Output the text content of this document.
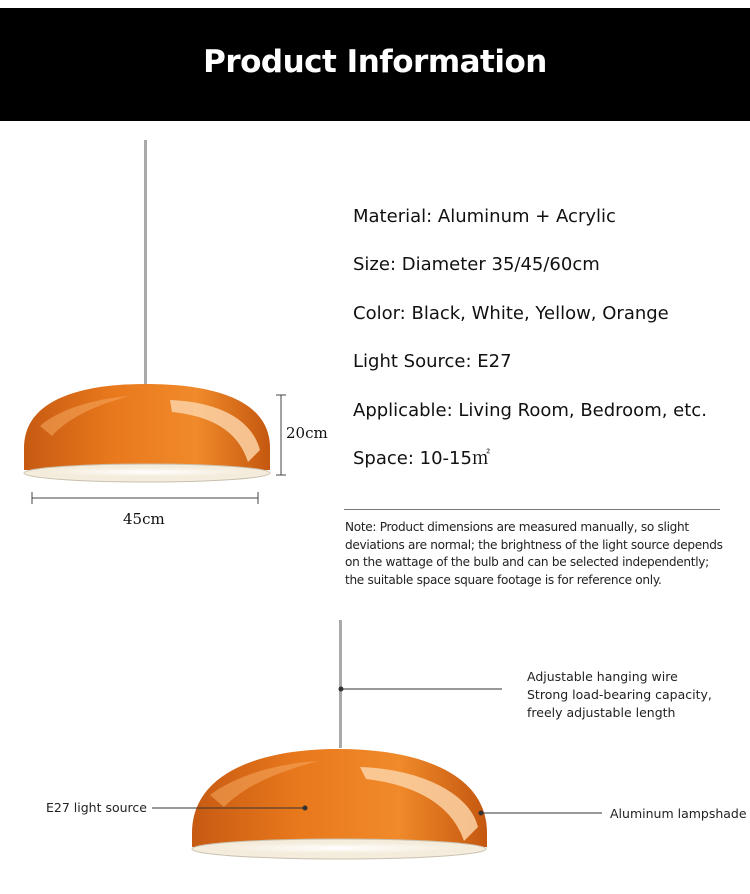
Product Information
20cm
45cm
Material: Aluminum + Acrylic
Size: Diameter 35/45/60cm
Color: Black, White, Yellow, Orange
Light Source: E27
Applicable: Living Room, Bedroom, etc.
Space: 10-15㎡
Note: Product dimensions are measured manually, so slight deviations are normal; the brightness of the light source depends on the wattage of the bulb and can be selected independently; the suitable space square footage is for reference only.
Adjustable hanging wire
Strong load-bearing capacity,
freely adjustable length
E27 light source	Aluminum lampshade
